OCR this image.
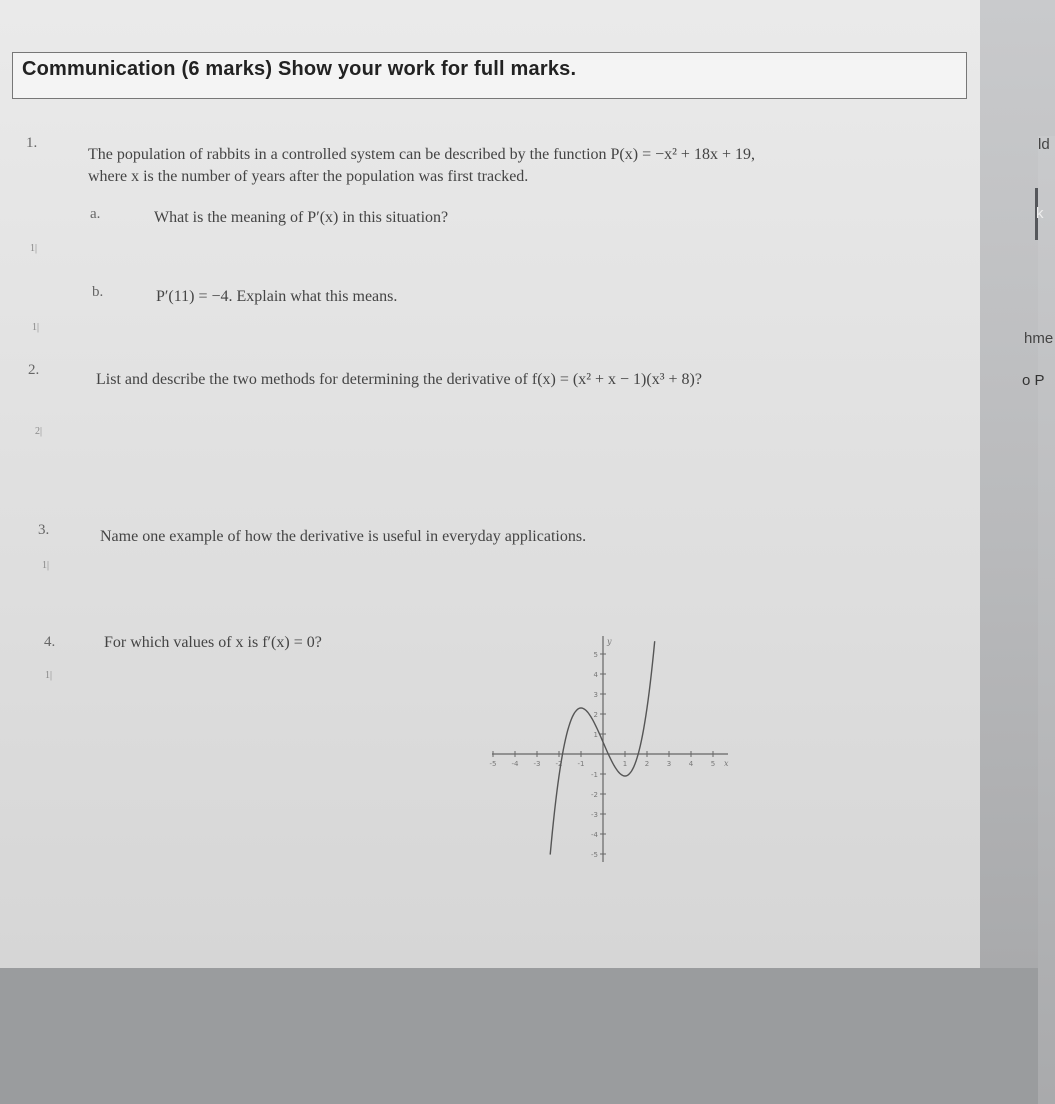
ld
k
hme
o P
Communication (6 marks) Show your work for full marks.
1.
The population of rabbits in a controlled system can be described by the function P(x) = −x² + 18x + 19,
where x is the number of years after the population was first tracked.
a.	What is the meaning of P′(x) in this situation?
1|
b.	P′(11) = −4. Explain what this means.
1|
2.
List and describe the two methods for determining the derivative of f(x) = (x² + x − 1)(x³ + 8)?
2|
3.	Name one example of how the derivative is useful in everyday applications.
1|
4.	For which values of x is f′(x) = 0?
1|
-5 -4 -3 -2 -1	1	2	3	4	5
5
4
3
2
1
-1
-2
-3
-4
-5
x
y
